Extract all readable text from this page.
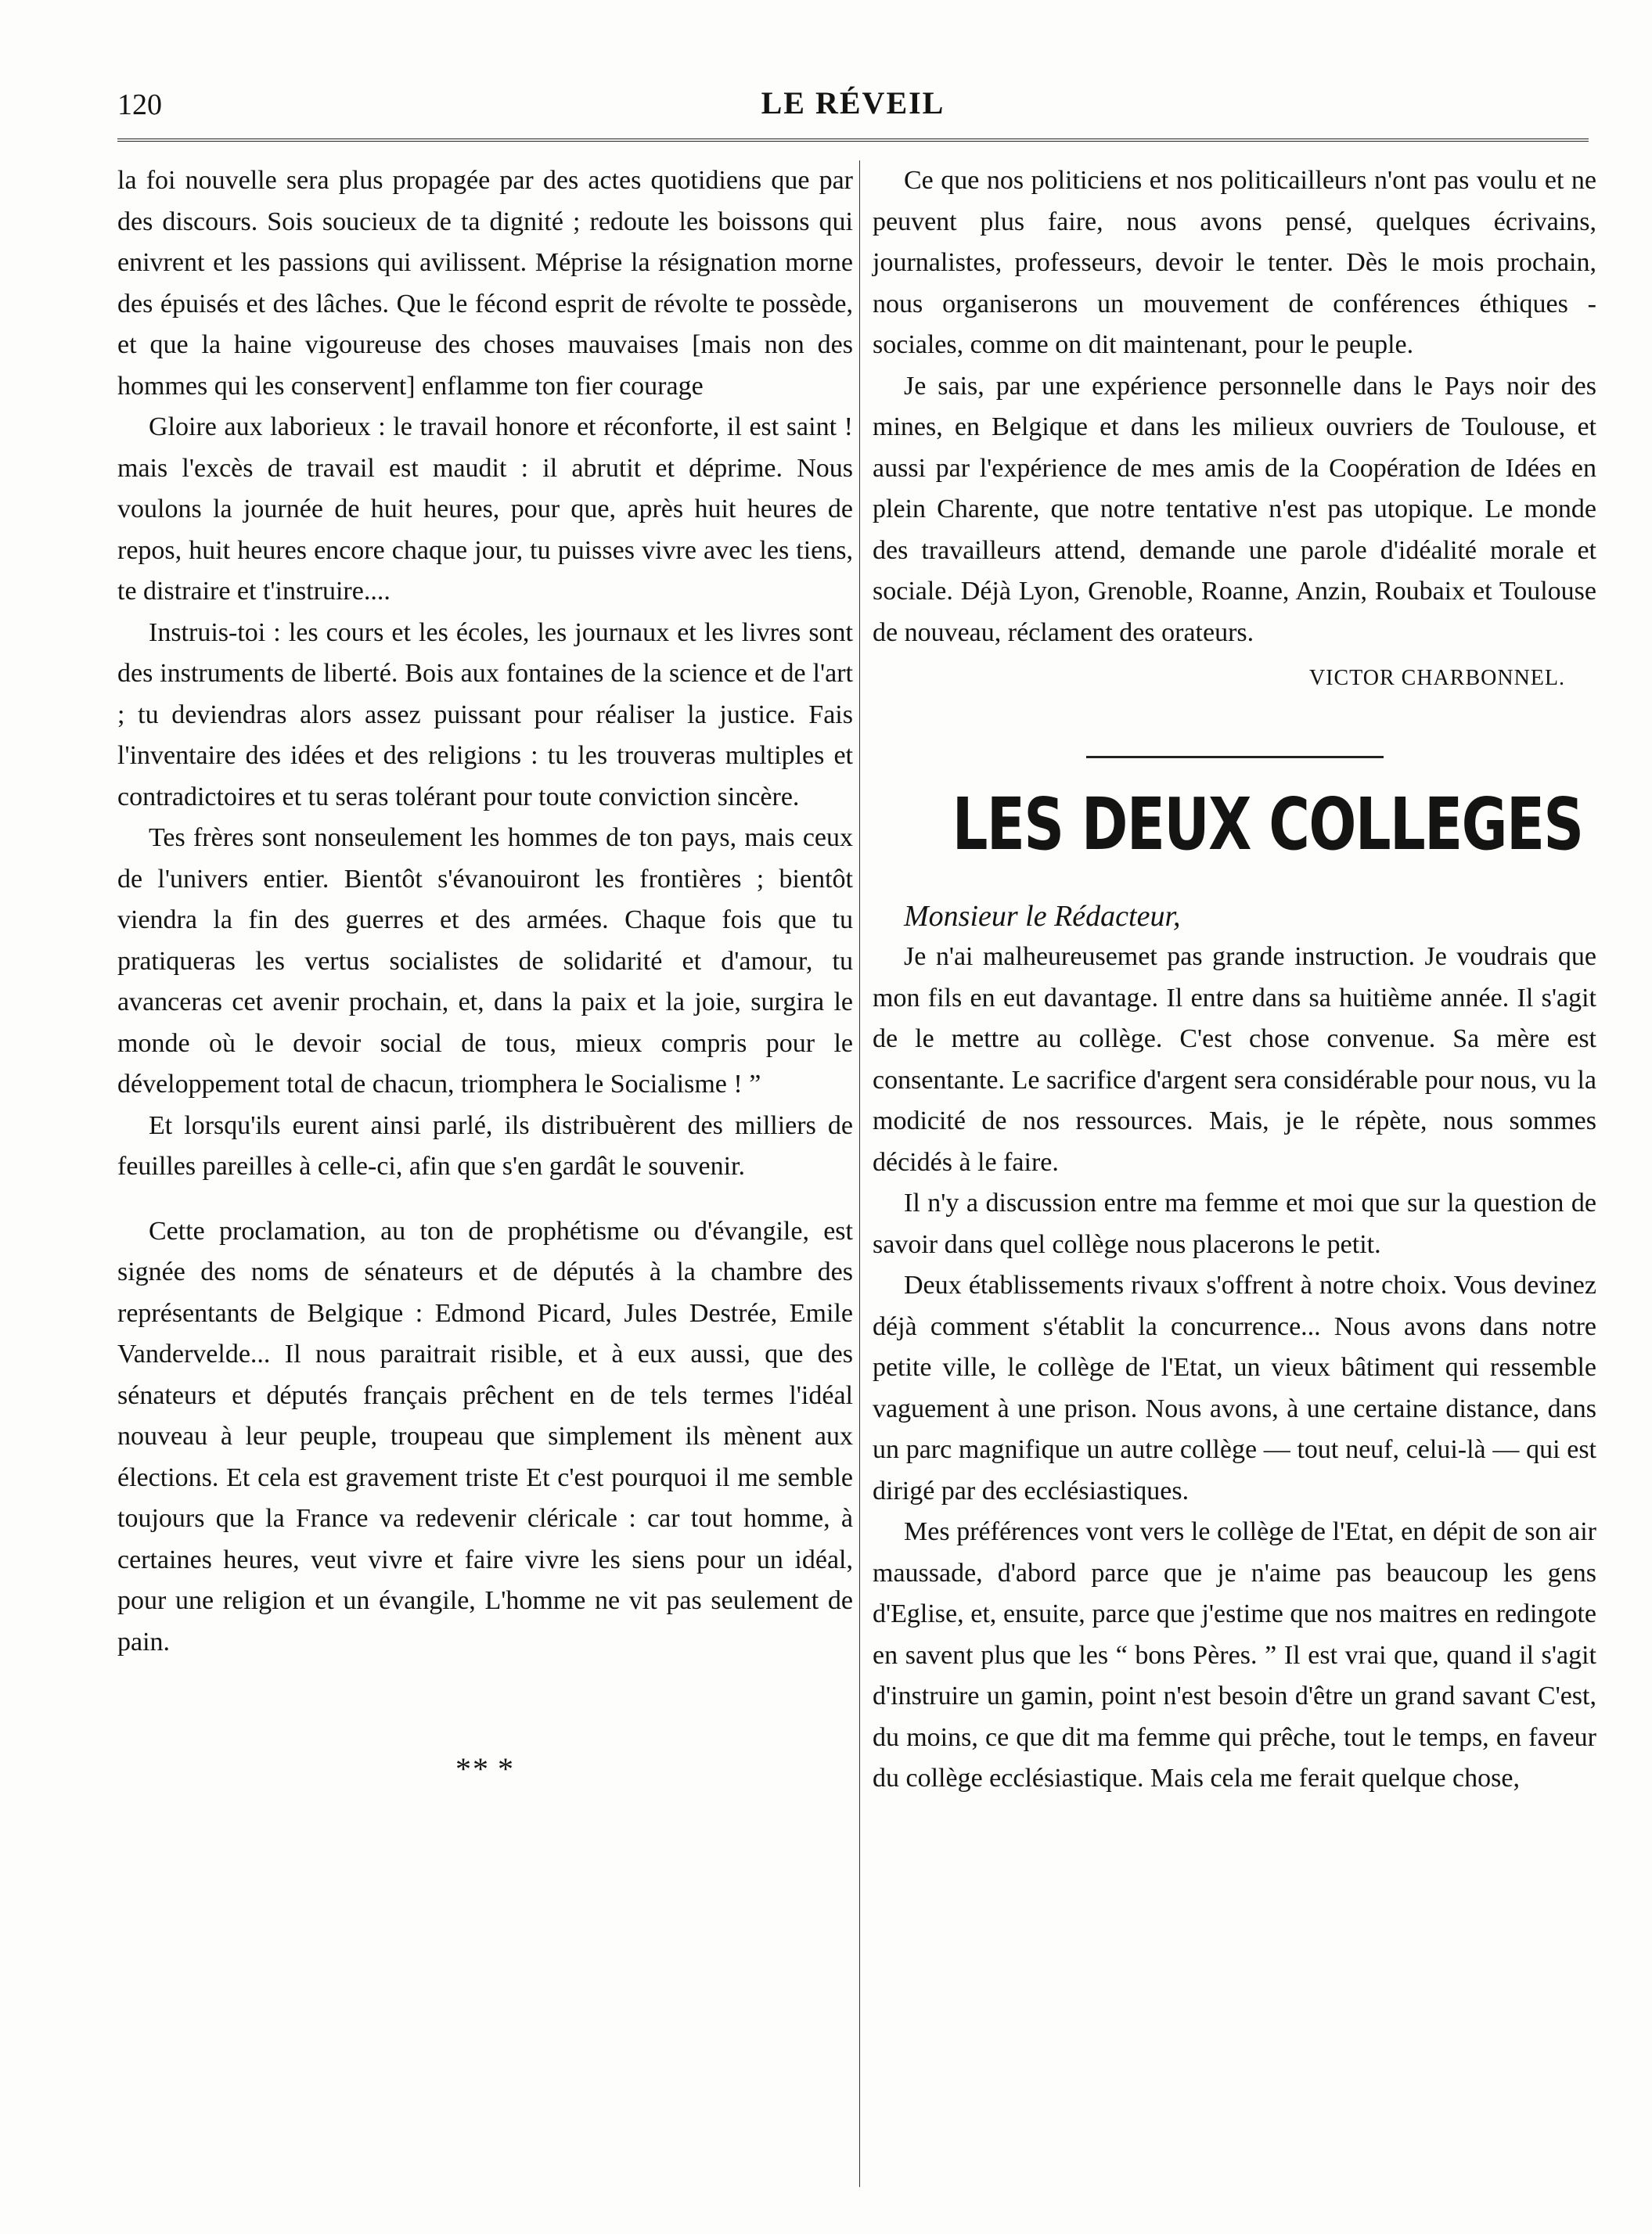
120	LE RÉVEIL

la foi nouvelle sera plus propagée par des actes quotidiens que par des discours. Sois soucieux de ta dignité ; redoute les boissons qui enivrent et les passions qui avilissent. Méprise la résignation morne des épuisés et des lâches. Que le fécond esprit de révolte te possède, et que la haine vigoureuse des choses mauvaises [mais non des hommes qui les conservent] enflamme ton fier courage

Gloire aux laborieux : le travail honore et réconforte, il est saint ! mais l'excès de travail est maudit : il abrutit et déprime. Nous voulons la journée de huit heures, pour que, après huit heures de repos, huit heures encore chaque jour, tu puisses vivre avec les tiens, te distraire et t'instruire....

Instruis-toi : les cours et les écoles, les journaux et les livres sont des instruments de liberté. Bois aux fontaines de la science et de l'art ; tu deviendras alors assez puissant pour réaliser la justice. Fais l'inventaire des idées et des religions : tu les trouveras multiples et contradictoires et tu seras tolérant pour toute conviction sincère.

Tes frères sont nonseulement les hommes de ton pays, mais ceux de l'univers entier. Bientôt s'évanouiront les frontières ; bientôt viendra la fin des guerres et des armées. Chaque fois que tu pratiqueras les vertus socialistes de solidarité et d'amour, tu avanceras cet avenir prochain, et, dans la paix et la joie, surgira le monde où le devoir social de tous, mieux compris pour le développement total de chacun, triomphera le Socialisme ! ”

Et lorsqu'ils eurent ainsi parlé, ils distribuèrent des milliers de feuilles pareilles à celle-ci, afin que s'en gardât le souvenir.

Cette proclamation, au ton de prophétisme ou d'évangile, est signée des noms de sénateurs et de députés à la chambre des représentants de Belgique : Edmond Picard, Jules Destrée, Emile Vandervelde... Il nous paraitrait risible, et à eux aussi, que des sénateurs et députés français prêchent en de tels termes l'idéal nouveau à leur peuple, troupeau que simplement ils mènent aux élections. Et cela est gravement triste Et c'est pourquoi il me semble toujours que la France va redevenir cléricale : car tout homme, à certaines heures, veut vivre et faire vivre les siens pour un idéal, pour une religion et un évangile, L'homme ne vit pas seulement de pain.

** *

Ce que nos politiciens et nos politicailleurs n'ont pas voulu et ne peuvent plus faire, nous avons pensé, quelques écrivains, journalistes, professeurs, devoir le tenter. Dès le mois prochain, nous organiserons un mouvement de conférences éthiques - sociales, comme on dit maintenant, pour le peuple.

Je sais, par une expérience personnelle dans le Pays noir des mines, en Belgique et dans les milieux ouvriers de Toulouse, et aussi par l'expérience de mes amis de la Coopération de Idées en plein Charente, que notre tentative n'est pas utopique. Le monde des travailleurs attend, demande une parole d'idéalité morale et sociale. Déjà Lyon, Grenoble, Roanne, Anzin, Roubaix et Toulouse de nouveau, réclament des orateurs.

VICTOR CHARBONNEL.
LES DEUX COLLEGES

Monsieur le Rédacteur,

Je n'ai malheureusemet pas grande instruction. Je voudrais que mon fils en eut davantage. Il entre dans sa huitième année. Il s'agit de le mettre au collège. C'est chose convenue. Sa mère est consentante. Le sacrifice d'argent sera considérable pour nous, vu la modicité de nos ressources. Mais, je le répète, nous sommes décidés à le faire.

Il n'y a discussion entre ma femme et moi que sur la question de savoir dans quel collège nous placerons le petit.

Deux établissements rivaux s'offrent à notre choix. Vous devinez déjà comment s'établit la concurrence... Nous avons dans notre petite ville, le collège de l'Etat, un vieux bâtiment qui ressemble vaguement à une prison. Nous avons, à une certaine distance, dans un parc magnifique un autre collège — tout neuf, celui-là — qui est dirigé par des ecclésiastiques.

Mes préférences vont vers le collège de l'Etat, en dépit de son air maussade, d'abord parce que je n'aime pas beaucoup les gens d'Eglise, et, ensuite, parce que j'estime que nos maitres en redingote en savent plus que les “ bons Pères. ” Il est vrai que, quand il s'agit d'instruire un gamin, point n'est besoin d'être un grand savant C'est, du moins, ce que dit ma femme qui prêche, tout le temps, en faveur du collège ecclésiastique. Mais cela me ferait quelque chose,
